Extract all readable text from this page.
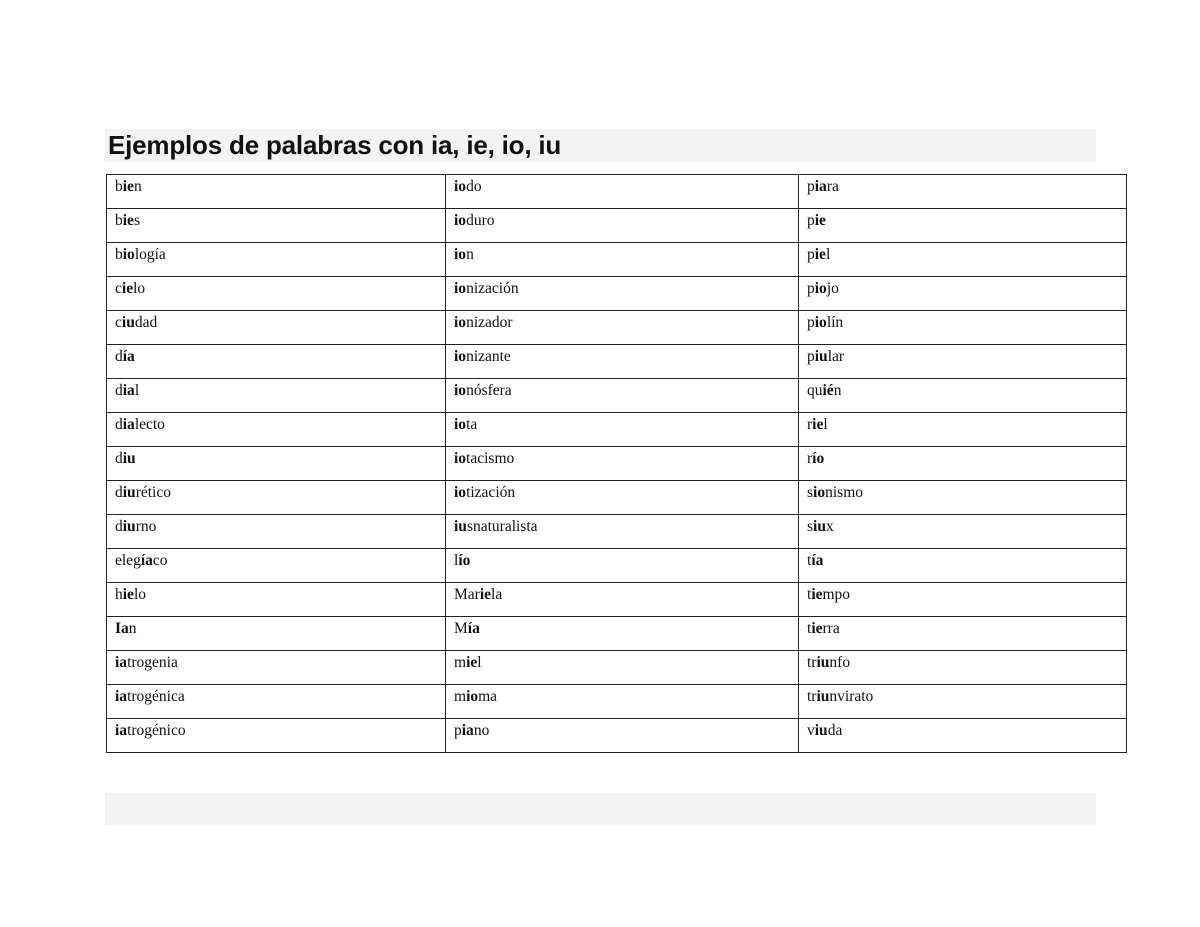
Ejemplos de palabras con ia, ie, io, iu
bien	iodo	piara
bies	ioduro	pie
biología	ion	piel
cielo	ionización	piojo
ciudad	ionizador	piolín
día	ionizante	piular
dial	ionósfera	quién
dialecto	iota	riel
diu	iotacismo	río
diurético	iotización	sionismo
diurno	iusnaturalista	siux
elegíaco	lío	tía
hielo	Mariela	tiempo
Ian	Mía	tierra
iatrogenia	miel	triunfo
iatrogénica	mioma	triunvirato
iatrogénico	piano	viuda
